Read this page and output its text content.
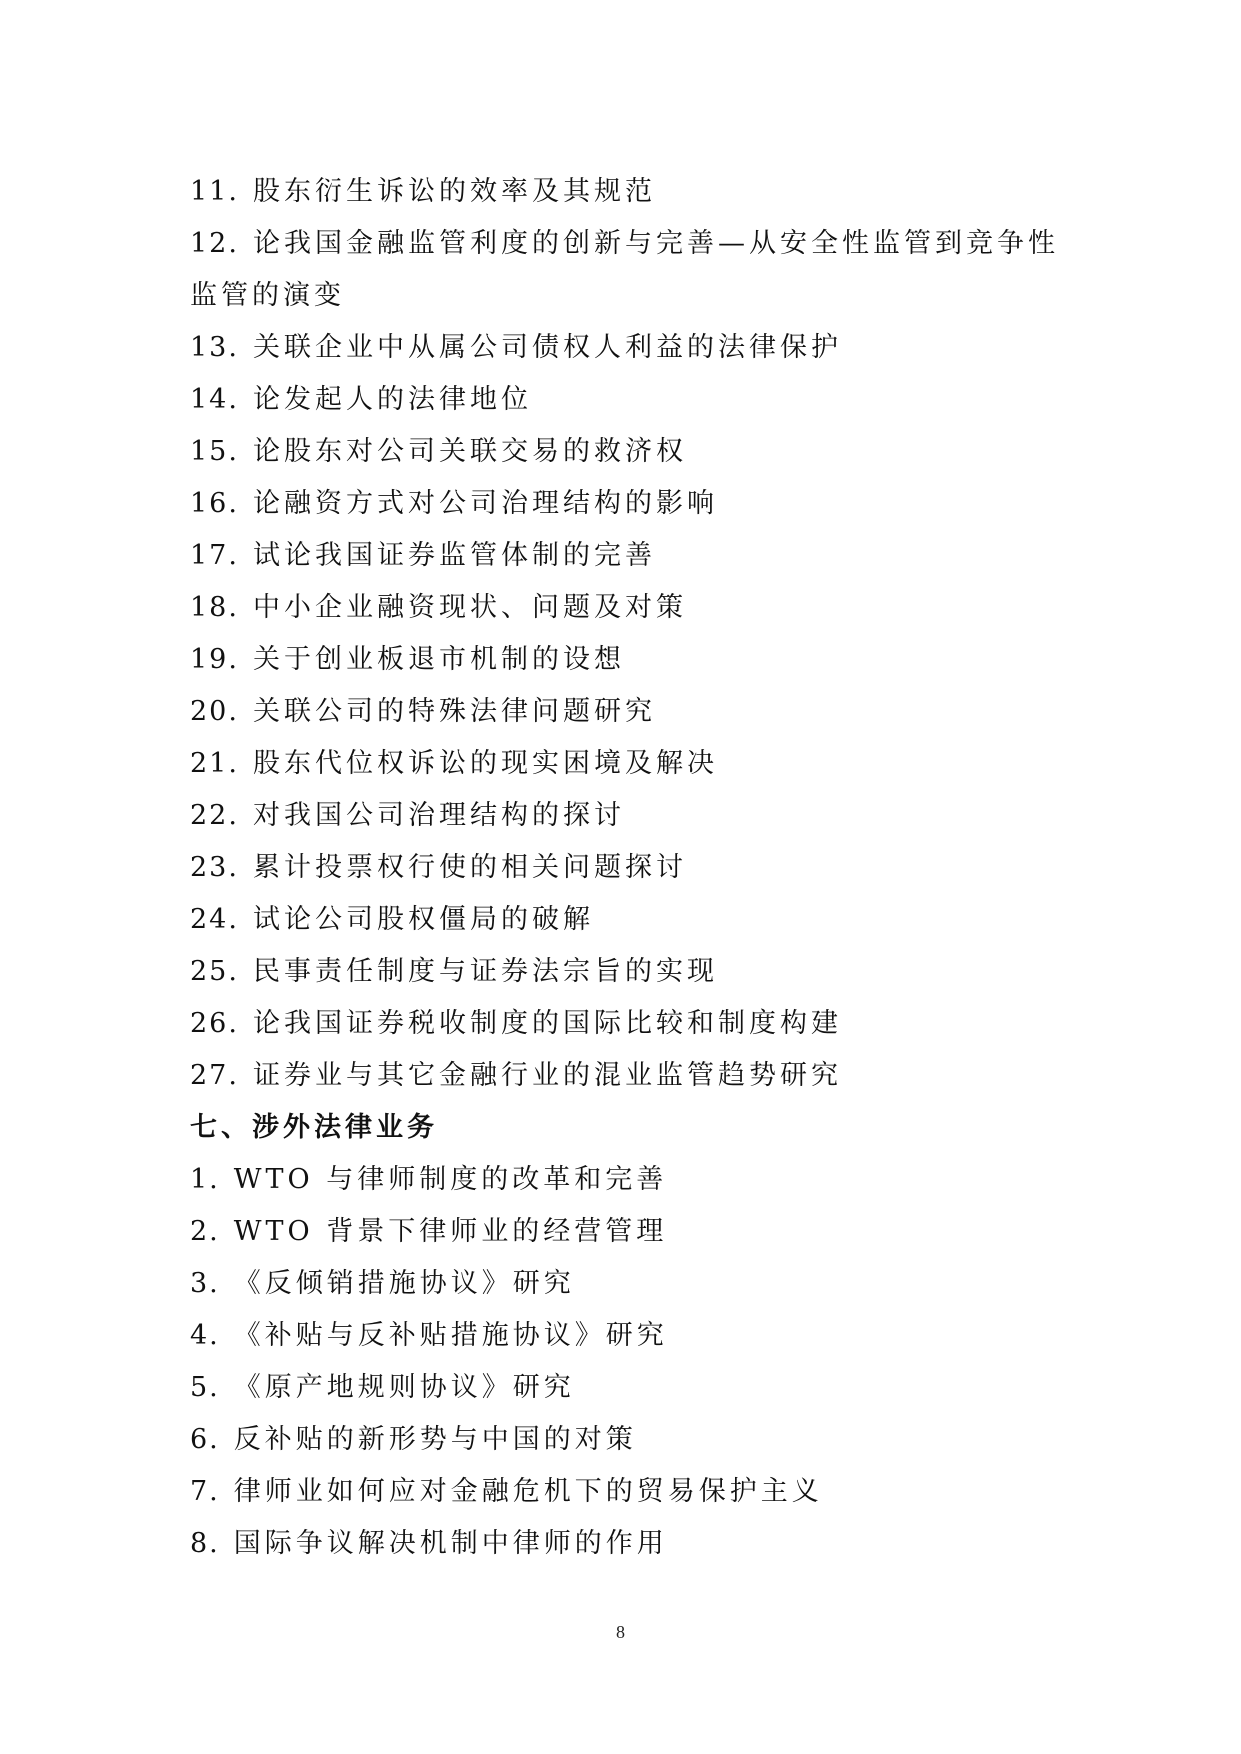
11. 股东衍生诉讼的效率及其规范
12. 论我国金融监管利度的创新与完善—从安全性监管到竞争性监管的演变
13. 关联企业中从属公司债权人利益的法律保护
14. 论发起人的法律地位
15. 论股东对公司关联交易的救济权
16. 论融资方式对公司治理结构的影响
17. 试论我国证券监管体制的完善
18. 中小企业融资现状、问题及对策
19. 关于创业板退市机制的设想
20. 关联公司的特殊法律问题研究
21. 股东代位权诉讼的现实困境及解决
22. 对我国公司治理结构的探讨
23. 累计投票权行使的相关问题探讨
24. 试论公司股权僵局的破解
25. 民事责任制度与证券法宗旨的实现
26. 论我国证券税收制度的国际比较和制度构建
27. 证券业与其它金融行业的混业监管趋势研究
七、涉外法律业务
1. WTO 与律师制度的改革和完善
2. WTO 背景下律师业的经营管理
3. 《反倾销措施协议》研究
4. 《补贴与反补贴措施协议》研究
5. 《原产地规则协议》研究
6. 反补贴的新形势与中国的对策
7. 律师业如何应对金融危机下的贸易保护主义
8. 国际争议解决机制中律师的作用
8
